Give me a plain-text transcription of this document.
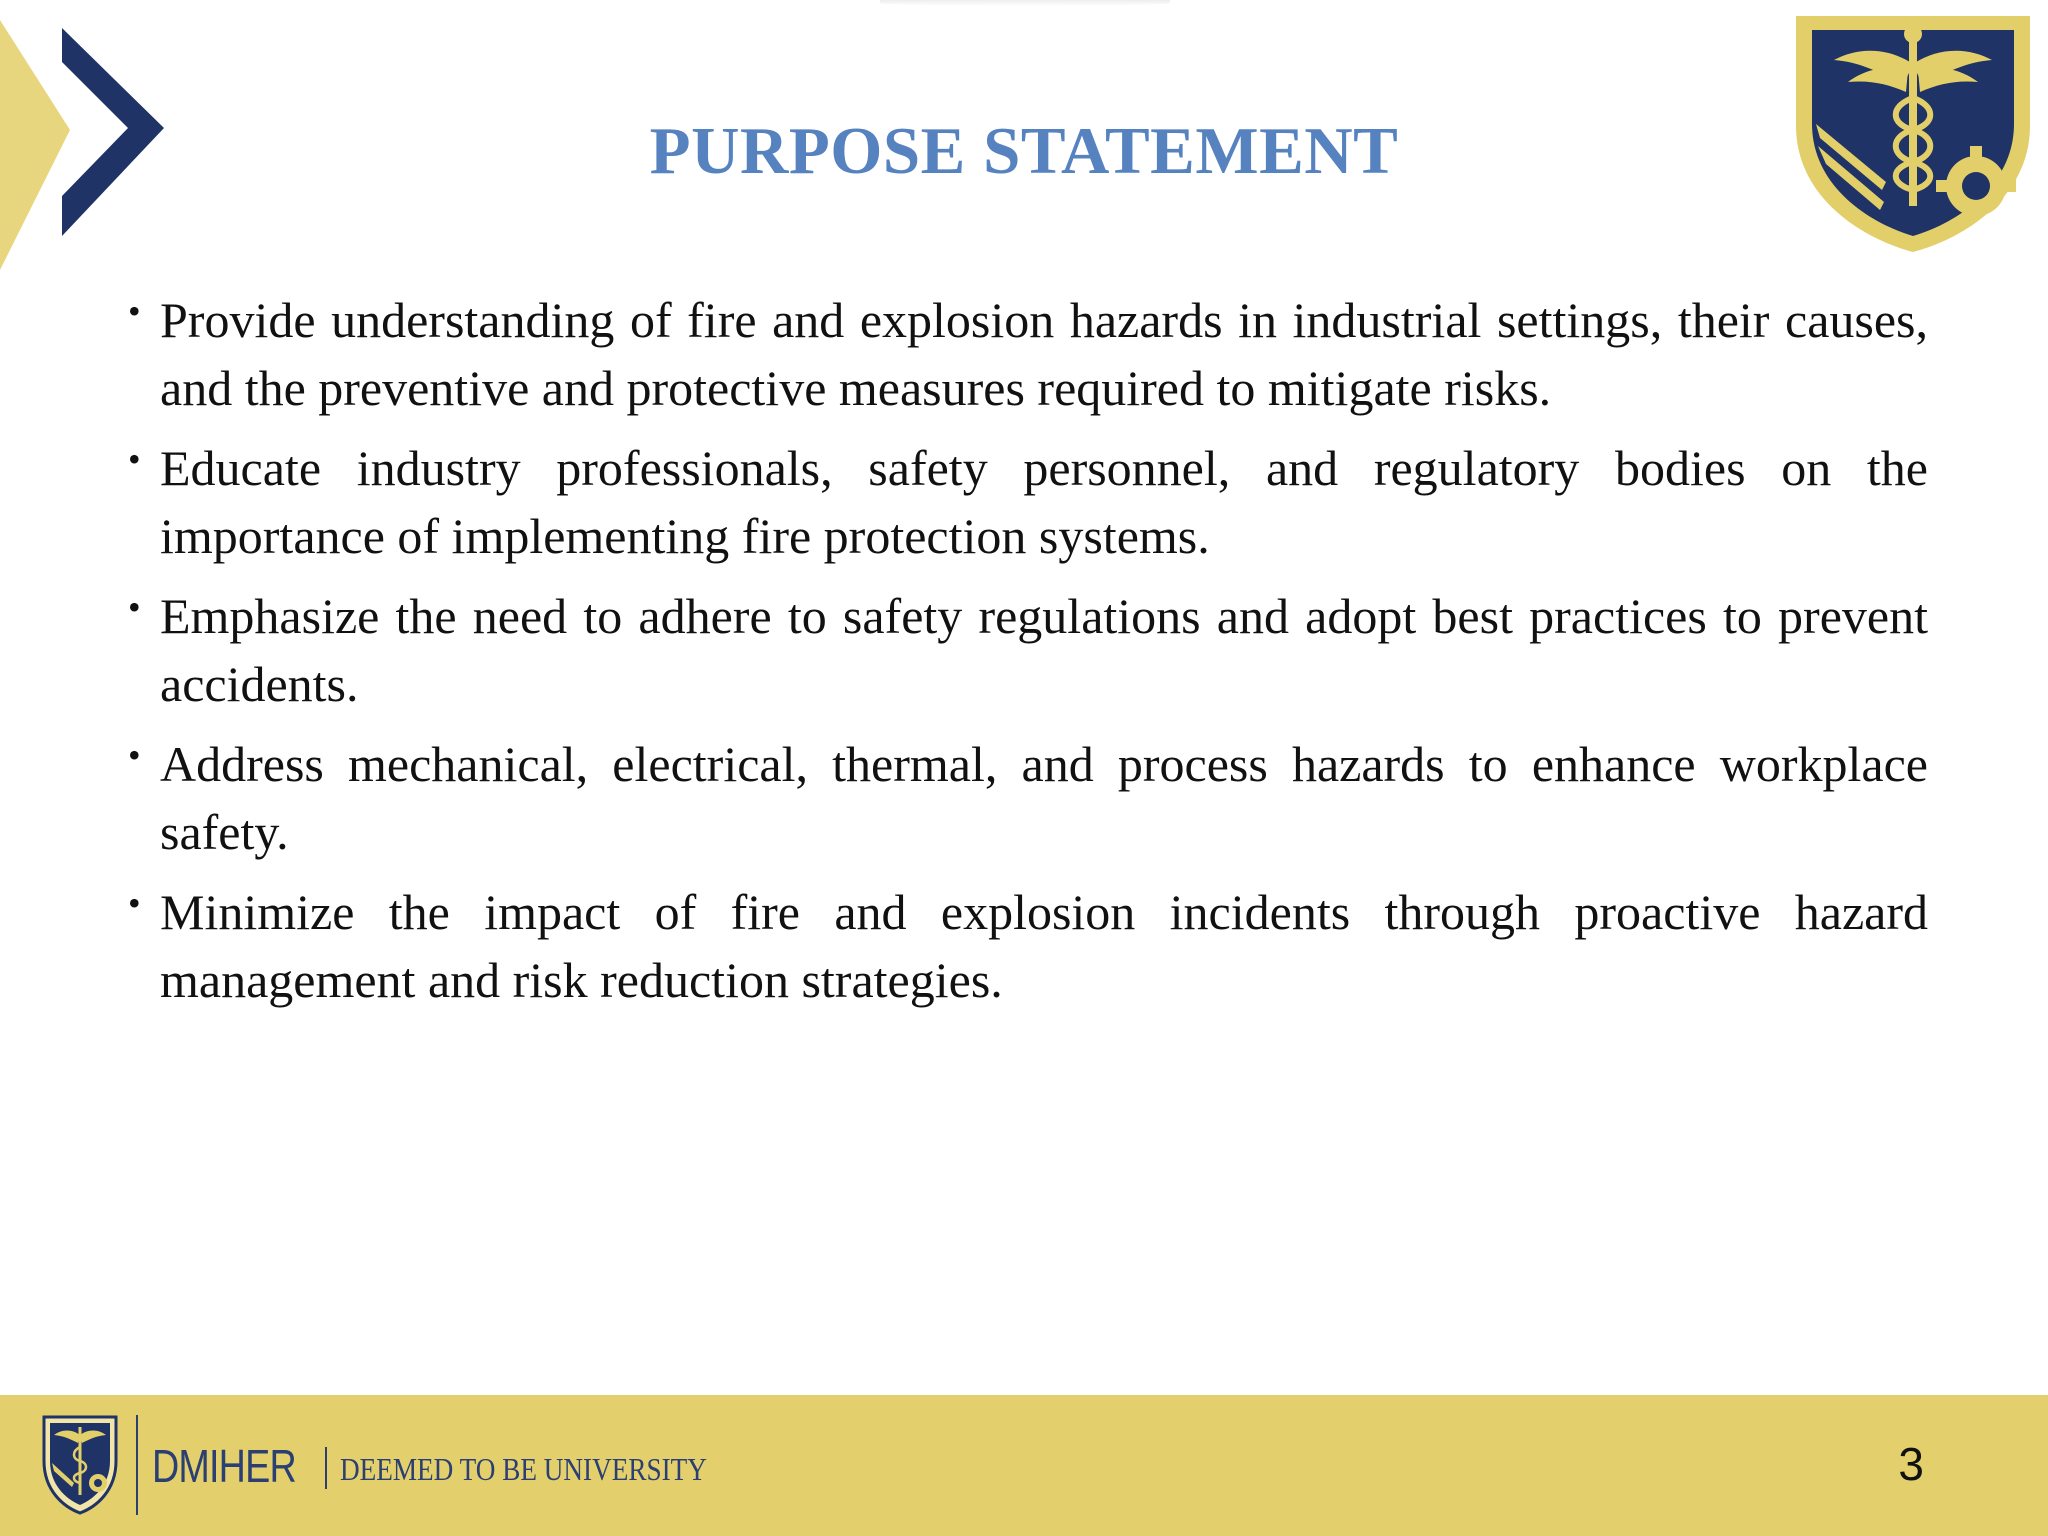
PURPOSE STATEMENT
• Provide understanding of fire and explosion hazards in industrial settings, their causes, and the preventive and protective measures required to mitigate risks.
• Educate industry professionals, safety personnel, and regulatory bodies on the importance of implementing fire protection systems.
• Emphasize the need to adhere to safety regulations and adopt best practices to prevent accidents.
• Address mechanical, electrical, thermal, and process hazards to enhance workplace safety.
• Minimize the impact of fire and explosion incidents through proactive hazard management and risk reduction strategies.
DMIHER DEEMED TO BE UNIVERSITY	3
